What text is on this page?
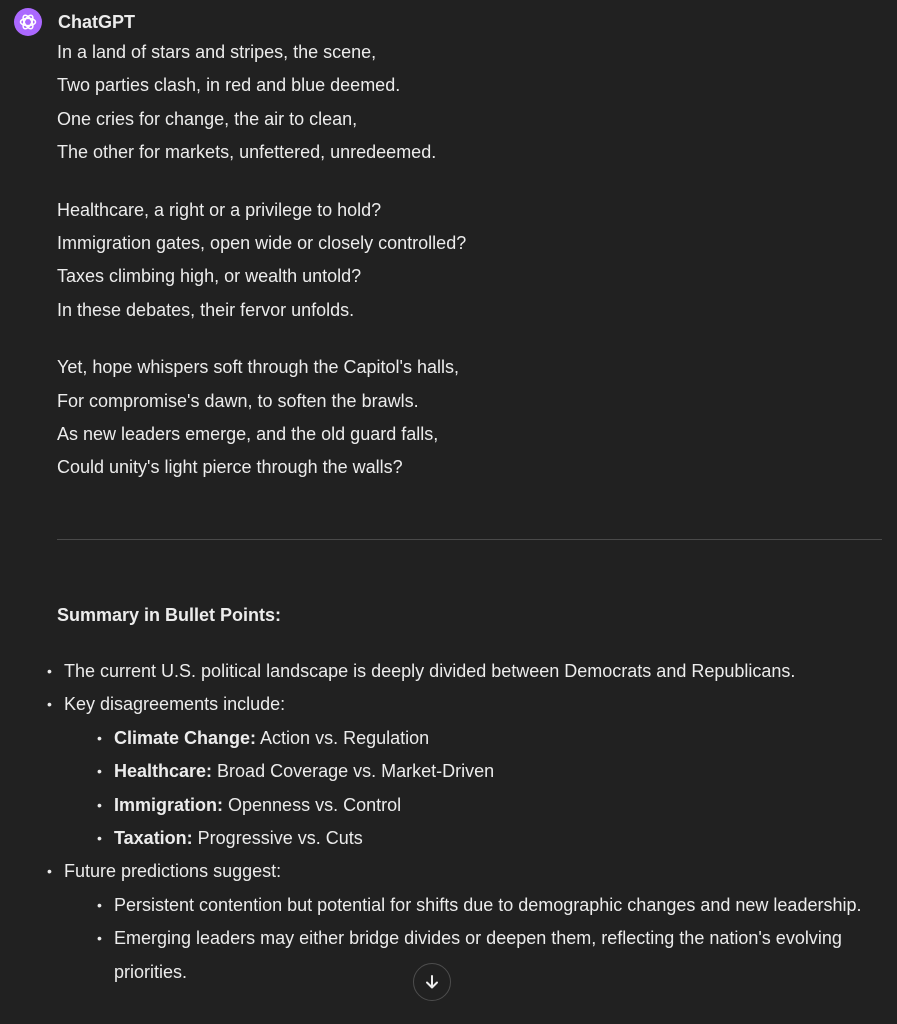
ChatGPT
In a land of stars and stripes, the scene,
Two parties clash, in red and blue deemed.
One cries for change, the air to clean,
The other for markets, unfettered, unredeemed.
Healthcare, a right or a privilege to hold?
Immigration gates, open wide or closely controlled?
Taxes climbing high, or wealth untold?
In these debates, their fervor unfolds.
Yet, hope whispers soft through the Capitol's halls,
For compromise's dawn, to soften the brawls.
As new leaders emerge, and the old guard falls,
Could unity's light pierce through the walls?
Summary in Bullet Points:
• The current U.S. political landscape is deeply divided between Democrats and Republicans.
• Key disagreements include:
• Climate Change: Action vs. Regulation
• Healthcare: Broad Coverage vs. Market-Driven
• Immigration: Openness vs. Control
• Taxation: Progressive vs. Cuts
• Future predictions suggest:
• Persistent contention but potential for shifts due to demographic changes and new leadership.
• Emerging leaders may either bridge divides or deepen them, reflecting the nation's evolving priorities.
